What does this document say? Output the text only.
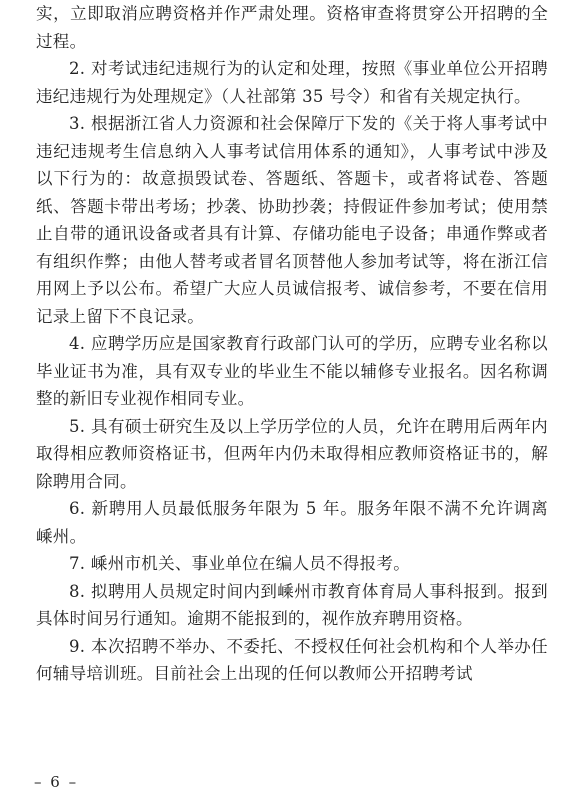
实，立即取消应聘资格并作严肃处理。资格审查将贯穿公开招聘的全过程。

2. 对考试违纪违规行为的认定和处理，按照《事业单位公开招聘违纪违规行为处理规定》（人社部第 35 号令）和省有关规定执行。

3. 根据浙江省人力资源和社会保障厅下发的《关于将人事考试中违纪违规考生信息纳入人事考试信用体系的通知》，人事考试中涉及以下行为的：故意损毁试卷、答题纸、答题卡，或者将试卷、答题纸、答题卡带出考场；抄袭、协助抄袭；持假证件参加考试；使用禁止自带的通讯设备或者具有计算、存储功能电子设备；串通作弊或者有组织作弊；由他人替考或者冒名顶替他人参加考试等，将在浙江信用网上予以公布。希望广大应人员诚信报考、诚信参考，不要在信用记录上留下不良记录。

4. 应聘学历应是国家教育行政部门认可的学历，应聘专业名称以毕业证书为准，具有双专业的毕业生不能以辅修专业报名。因名称调整的新旧专业视作相同专业。

5. 具有硕士研究生及以上学历学位的人员，允许在聘用后两年内取得相应教师资格证书，但两年内仍未取得相应教师资格证书的，解除聘用合同。

6. 新聘用人员最低服务年限为 5 年。服务年限不满不允许调离嵊州。

7. 嵊州市机关、事业单位在编人员不得报考。

8. 拟聘用人员规定时间内到嵊州市教育体育局人事科报到。报到具体时间另行通知。逾期不能报到的，视作放弃聘用资格。

9. 本次招聘不举办、不委托、不授权任何社会机构和个人举办任何辅导培训班。目前社会上出现的任何以教师公开招聘考试

– 6 –
